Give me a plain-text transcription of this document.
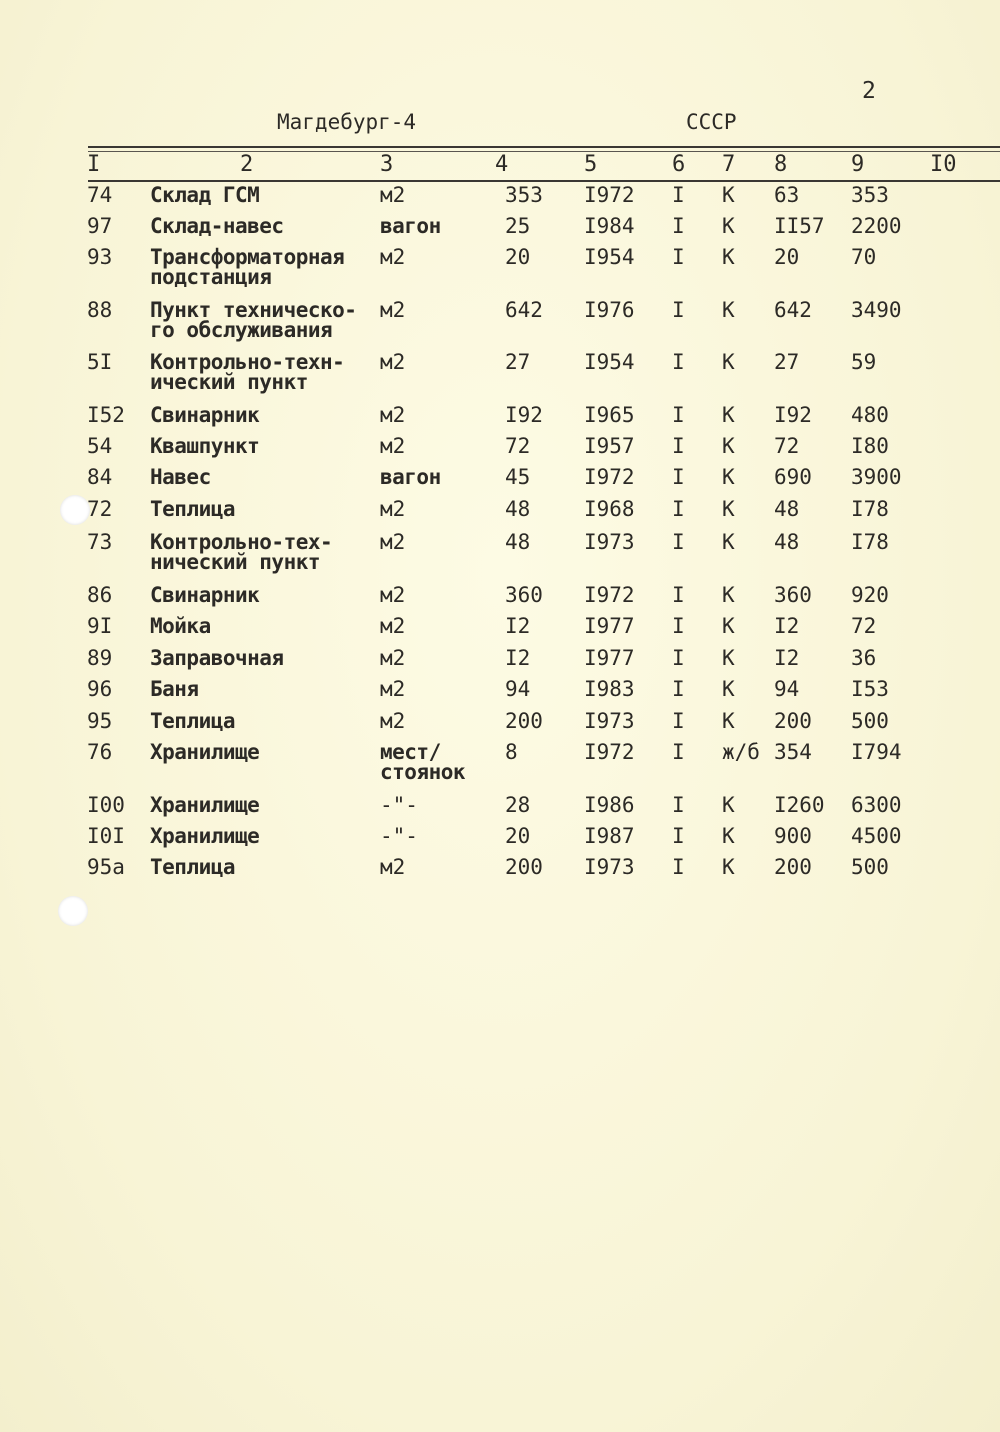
2
Магдебург-4	СССР
I	2	3	4	5	6 7 8	9	I0
74 Склад ГСМ	м2	353 I972 I К 63 353
97 Склад-навес	вагон	25	I984 I К II57 2200
93 Трансформаторная
подстанция
м2	20	I954 I К 20 70
88 Пункт техническо-
го обслуживания
м2	642 I976 I К 642 3490
5I Контрольно-техн-
ический пункт
м2	27	I954 I К 27 59
I52 Свинарник	м2	I92 I965 I К I92 480
54 Квашпункт	м2	72	I957 I К 72 I80
84 Навес	вагон	45	I972 I К 690 3900
72 Теплица	м2	48	I968 I К 48 I78
73 Контрольно-тех-
нический пункт
м2	48	I973 I К 48 I78
86 Свинарник	м2	360 I972 I К 360 920
9I Мойка	м2	I2	I977 I К I2 72
89 Заправочная	м2	I2	I977 I К I2 36
96 Баня	м2	94	I983 I К 94 I53
95 Теплица	м2	200 I973 I К 200 500
76 Хранилище	мест/
стоянок
8	I972 I ж/б 354 I794
I00 Хранилище	-"-	28	I986 I К I260 6300
I0I Хранилище	-"-	20	I987 I К 900 4500
95а Теплица	м2	200 I973 I К 200 500
